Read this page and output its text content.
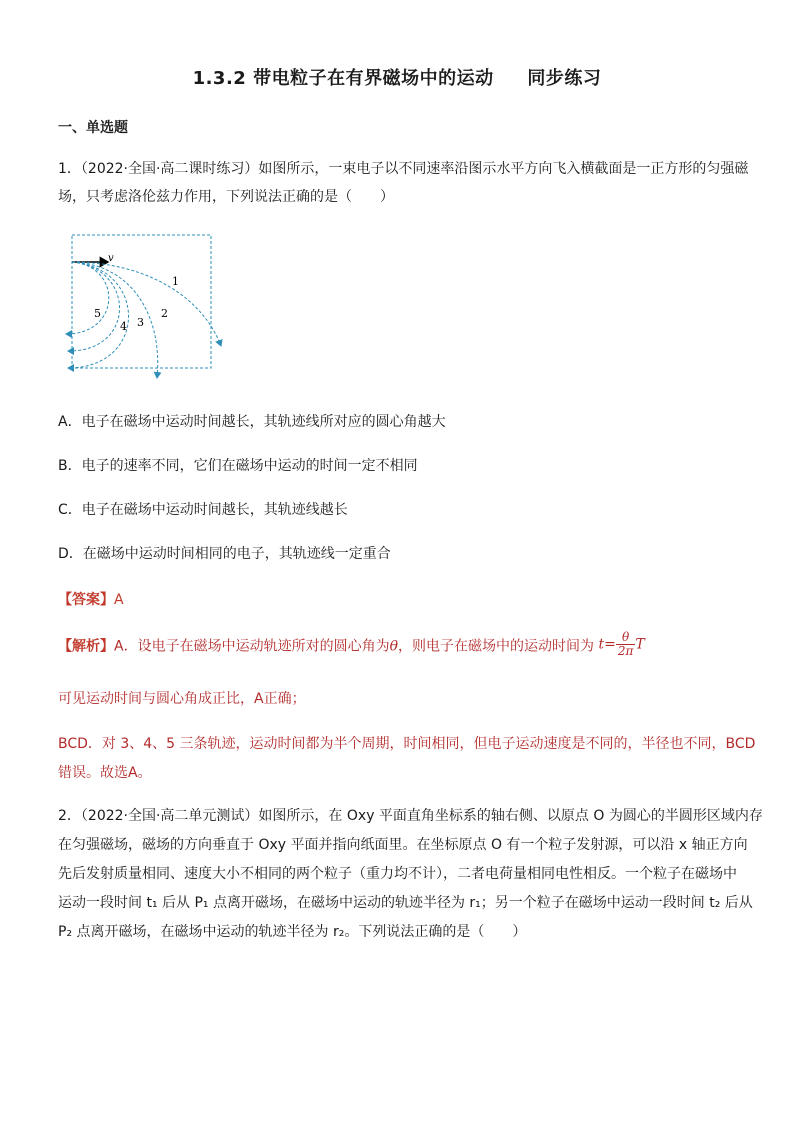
1.3.2 带电粒子在有界磁场中的运动     同步练习
一、单选题
1．（2022·全国·高二课时练习）如图所示，一束电子以不同速率沿图示水平方向飞入横截面是一正方形的匀强磁
场，只考虑洛伦兹力作用，下列说法正确的是（　　）
v
1
2
3
4
5
A．电子在磁场中运动时间越长，其轨迹线所对应的圆心角越大
B．电子的速率不同，它们在磁场中运动的时间一定不相同
C．电子在磁场中运动时间越长，其轨迹线越长
D．在磁场中运动时间相同的电子，其轨迹线一定重合
【答案】A
【解析】A．设电子在磁场中运动轨迹所对的圆心角为θ，则电子在磁场中的运动时间为 $t= \frac{\theta}{2\pi}$ T
可见运动时间与圆心角成正比，A正确；
BCD．对 3、4、5 三条轨迹，运动时间都为半个周期，时间相同，但电子运动速度是不同的，半径也不同，BCD
错误。故选A。
2．（2022·全国·高二单元测试）如图所示，在 Oxy 平面直角坐标系的轴右侧、以原点 O 为圆心的半圆形区域内存
在匀强磁场，磁场的方向垂直于 Oxy 平面并指向纸面里。在坐标原点 O 有一个粒子发射源，可以沿 x 轴正方向
先后发射质量相同、速度大小不相同的两个粒子（重力均不计），二者电荷量相同电性相反。一个粒子在磁场中
运动一段时间 t₁ 后从 P₁ 点离开磁场，在磁场中运动的轨迹半径为 r₁；另一个粒子在磁场中运动一段时间 t₂ 后从
P₂ 点离开磁场，在磁场中运动的轨迹半径为 r₂。下列说法正确的是（　　）
